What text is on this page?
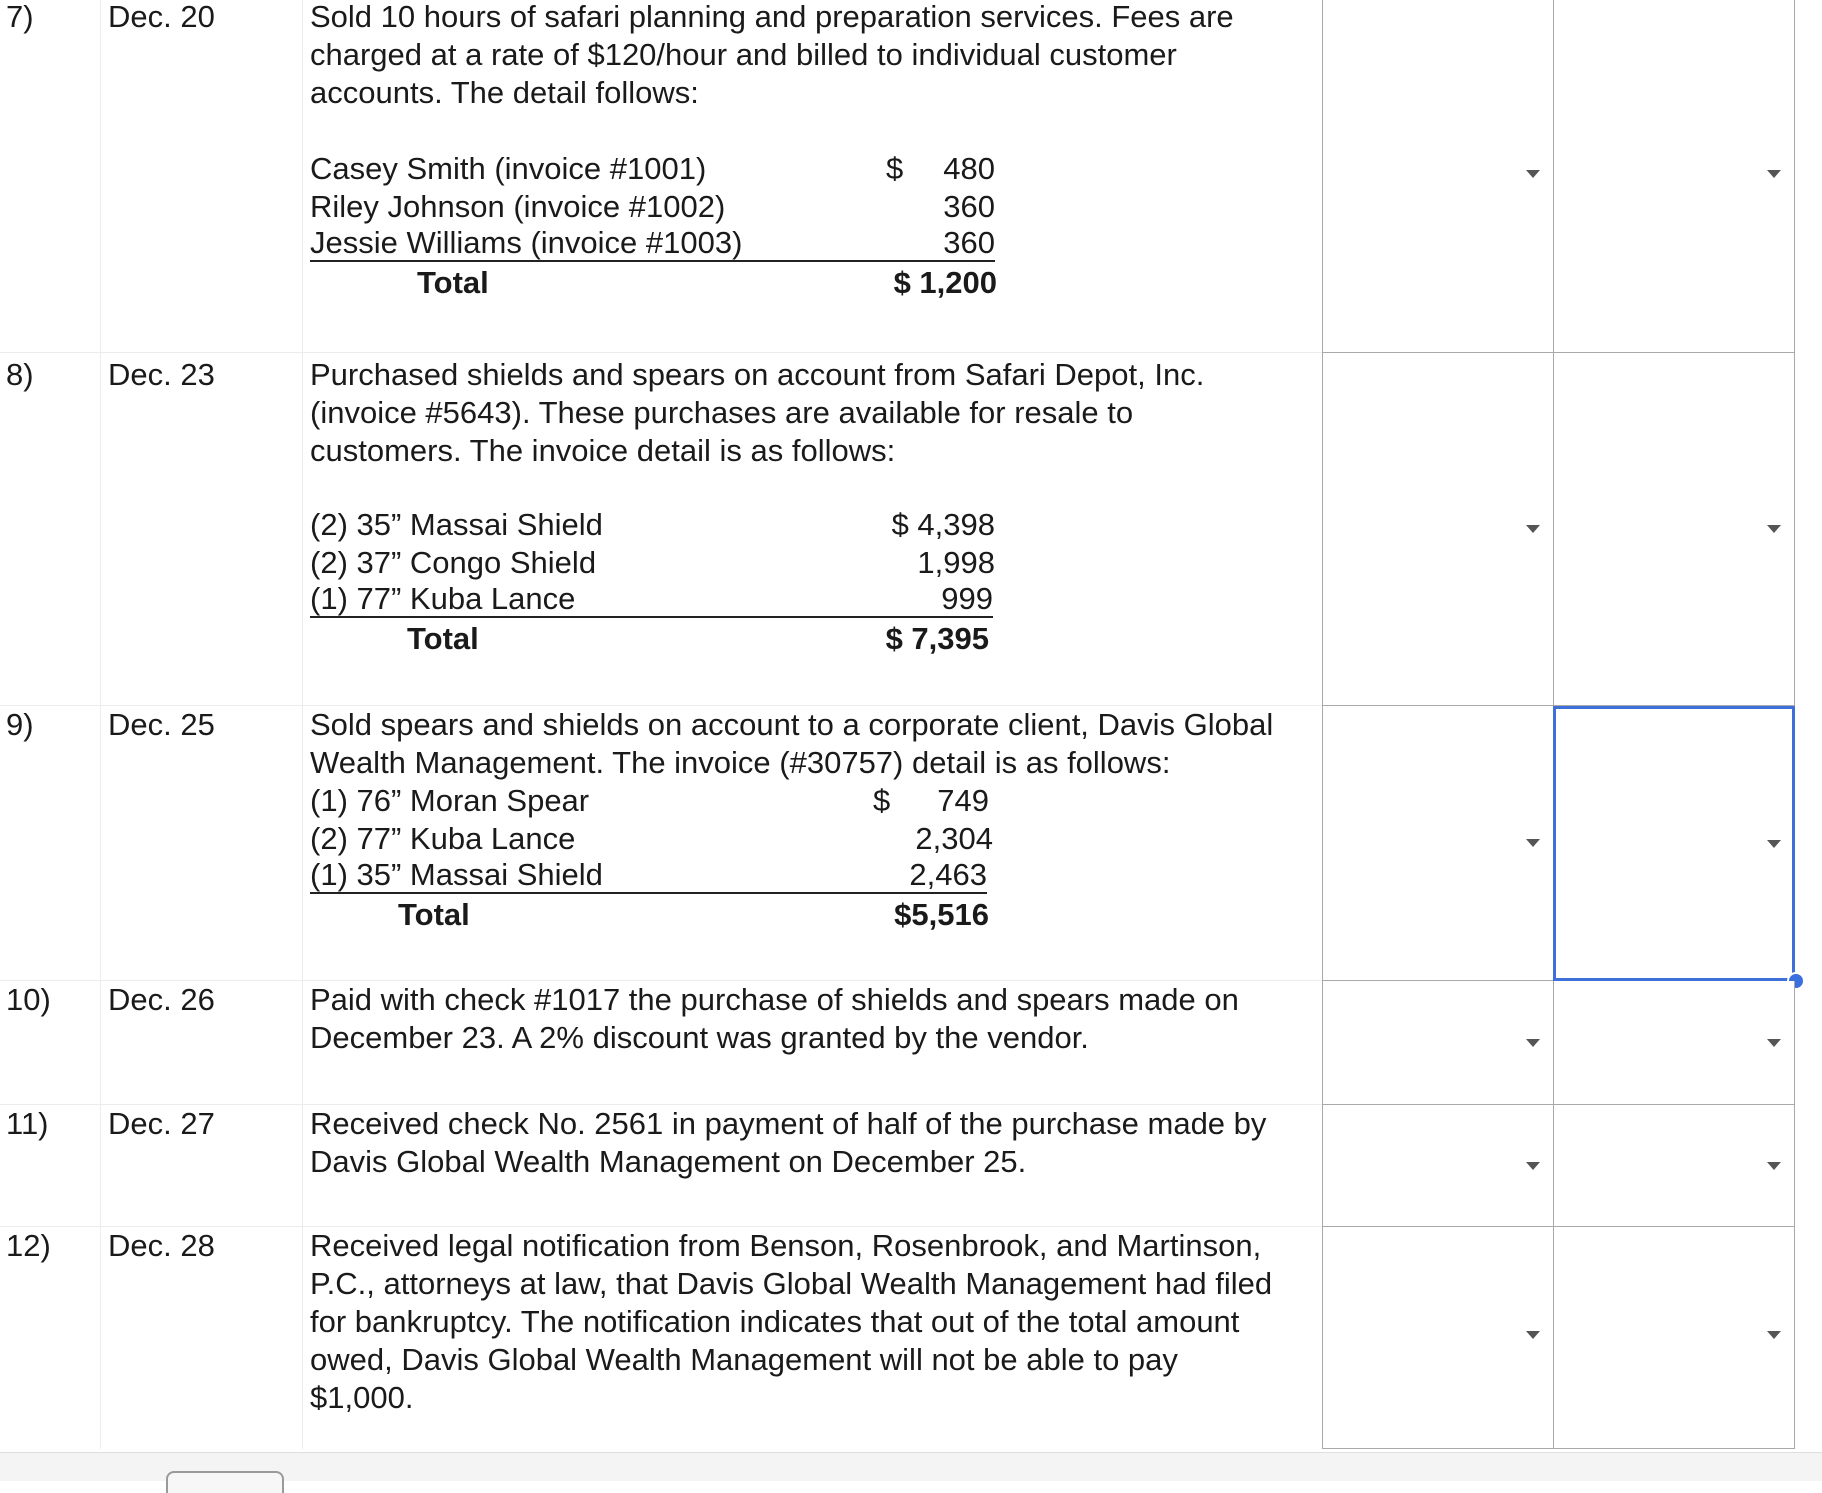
7) Dec. 20	Sold 10 hours of safari planning and preparation services. Fees are
charged at a rate of $120/hour and billed to individual customer
accounts. The detail follows:
Casey Smith (invoice #1001)	$	480
Riley Johnson (invoice #1002)	360
Jessie Williams (invoice #1003)	360
Total	$ 1,200
8) Dec. 23	Purchased shields and spears on account from Safari Depot, Inc.
(invoice #5643). These purchases are available for resale to
customers. The invoice detail is as follows:
(2) 35” Massai Shield	$ 4,398
(2) 37” Congo Shield	1,998
(1) 77” Kuba Lance	999
Total	$ 7,395
9) Dec. 25	Sold spears and shields on account to a corporate client, Davis Global
Wealth Management. The invoice (#30757) detail is as follows:
(1) 76” Moran Spear	$	749
(2) 77” Kuba Lance	2,304
(1) 35” Massai Shield	2,463
Total	$5,516
10) Dec. 26	Paid with check #1017 the purchase of shields and spears made on
December 23. A 2% discount was granted by the vendor.
11) Dec. 27	Received check No. 2561 in payment of half of the purchase made by
Davis Global Wealth Management on December 25.
12) Dec. 28	Received legal notification from Benson, Rosenbrook, and Martinson,
P.C., attorneys at law, that Davis Global Wealth Management had filed
for bankruptcy. The notification indicates that out of the total amount
owed, Davis Global Wealth Management will not be able to pay
$1,000.
